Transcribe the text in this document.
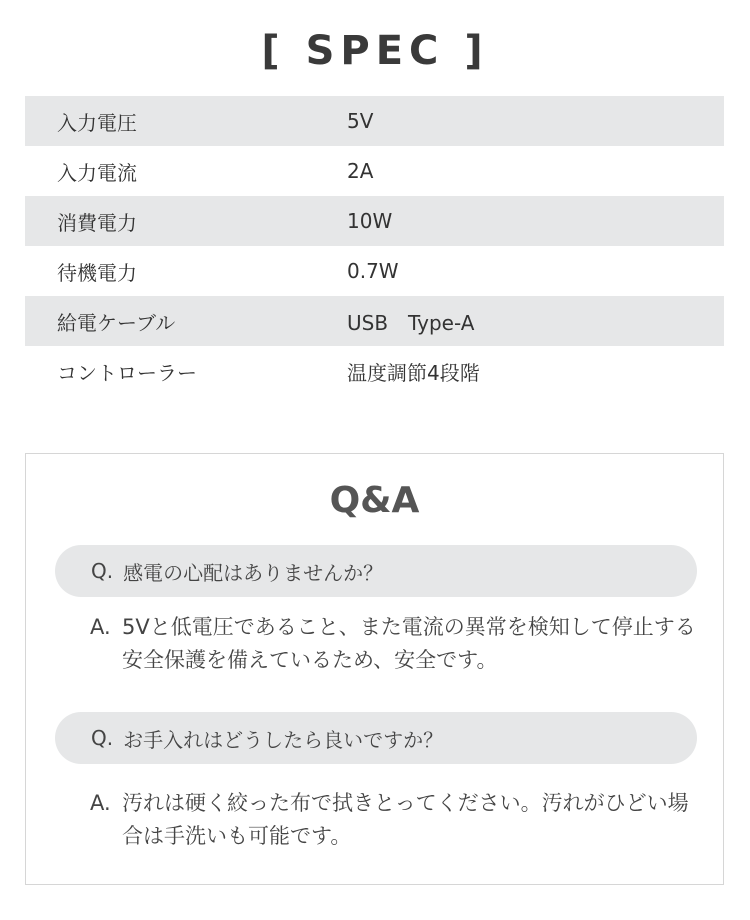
[ SPEC ]
入力電圧	5V
入力電流	2A
消費電力	10W
待機電力	0.7W
給電ケーブル	USB　Type-A
コントローラー	温度調節4段階
Q&A
Q. 感電の心配はありませんか？
A. 5Vと低電圧であること、また電流の異常を検知して停止する安全保護を備えているため、安全です。
Q. お手入れはどうしたら良いですか？
A. 汚れは硬く絞った布で拭きとってください。汚れがひどい場合は手洗いも可能です。
